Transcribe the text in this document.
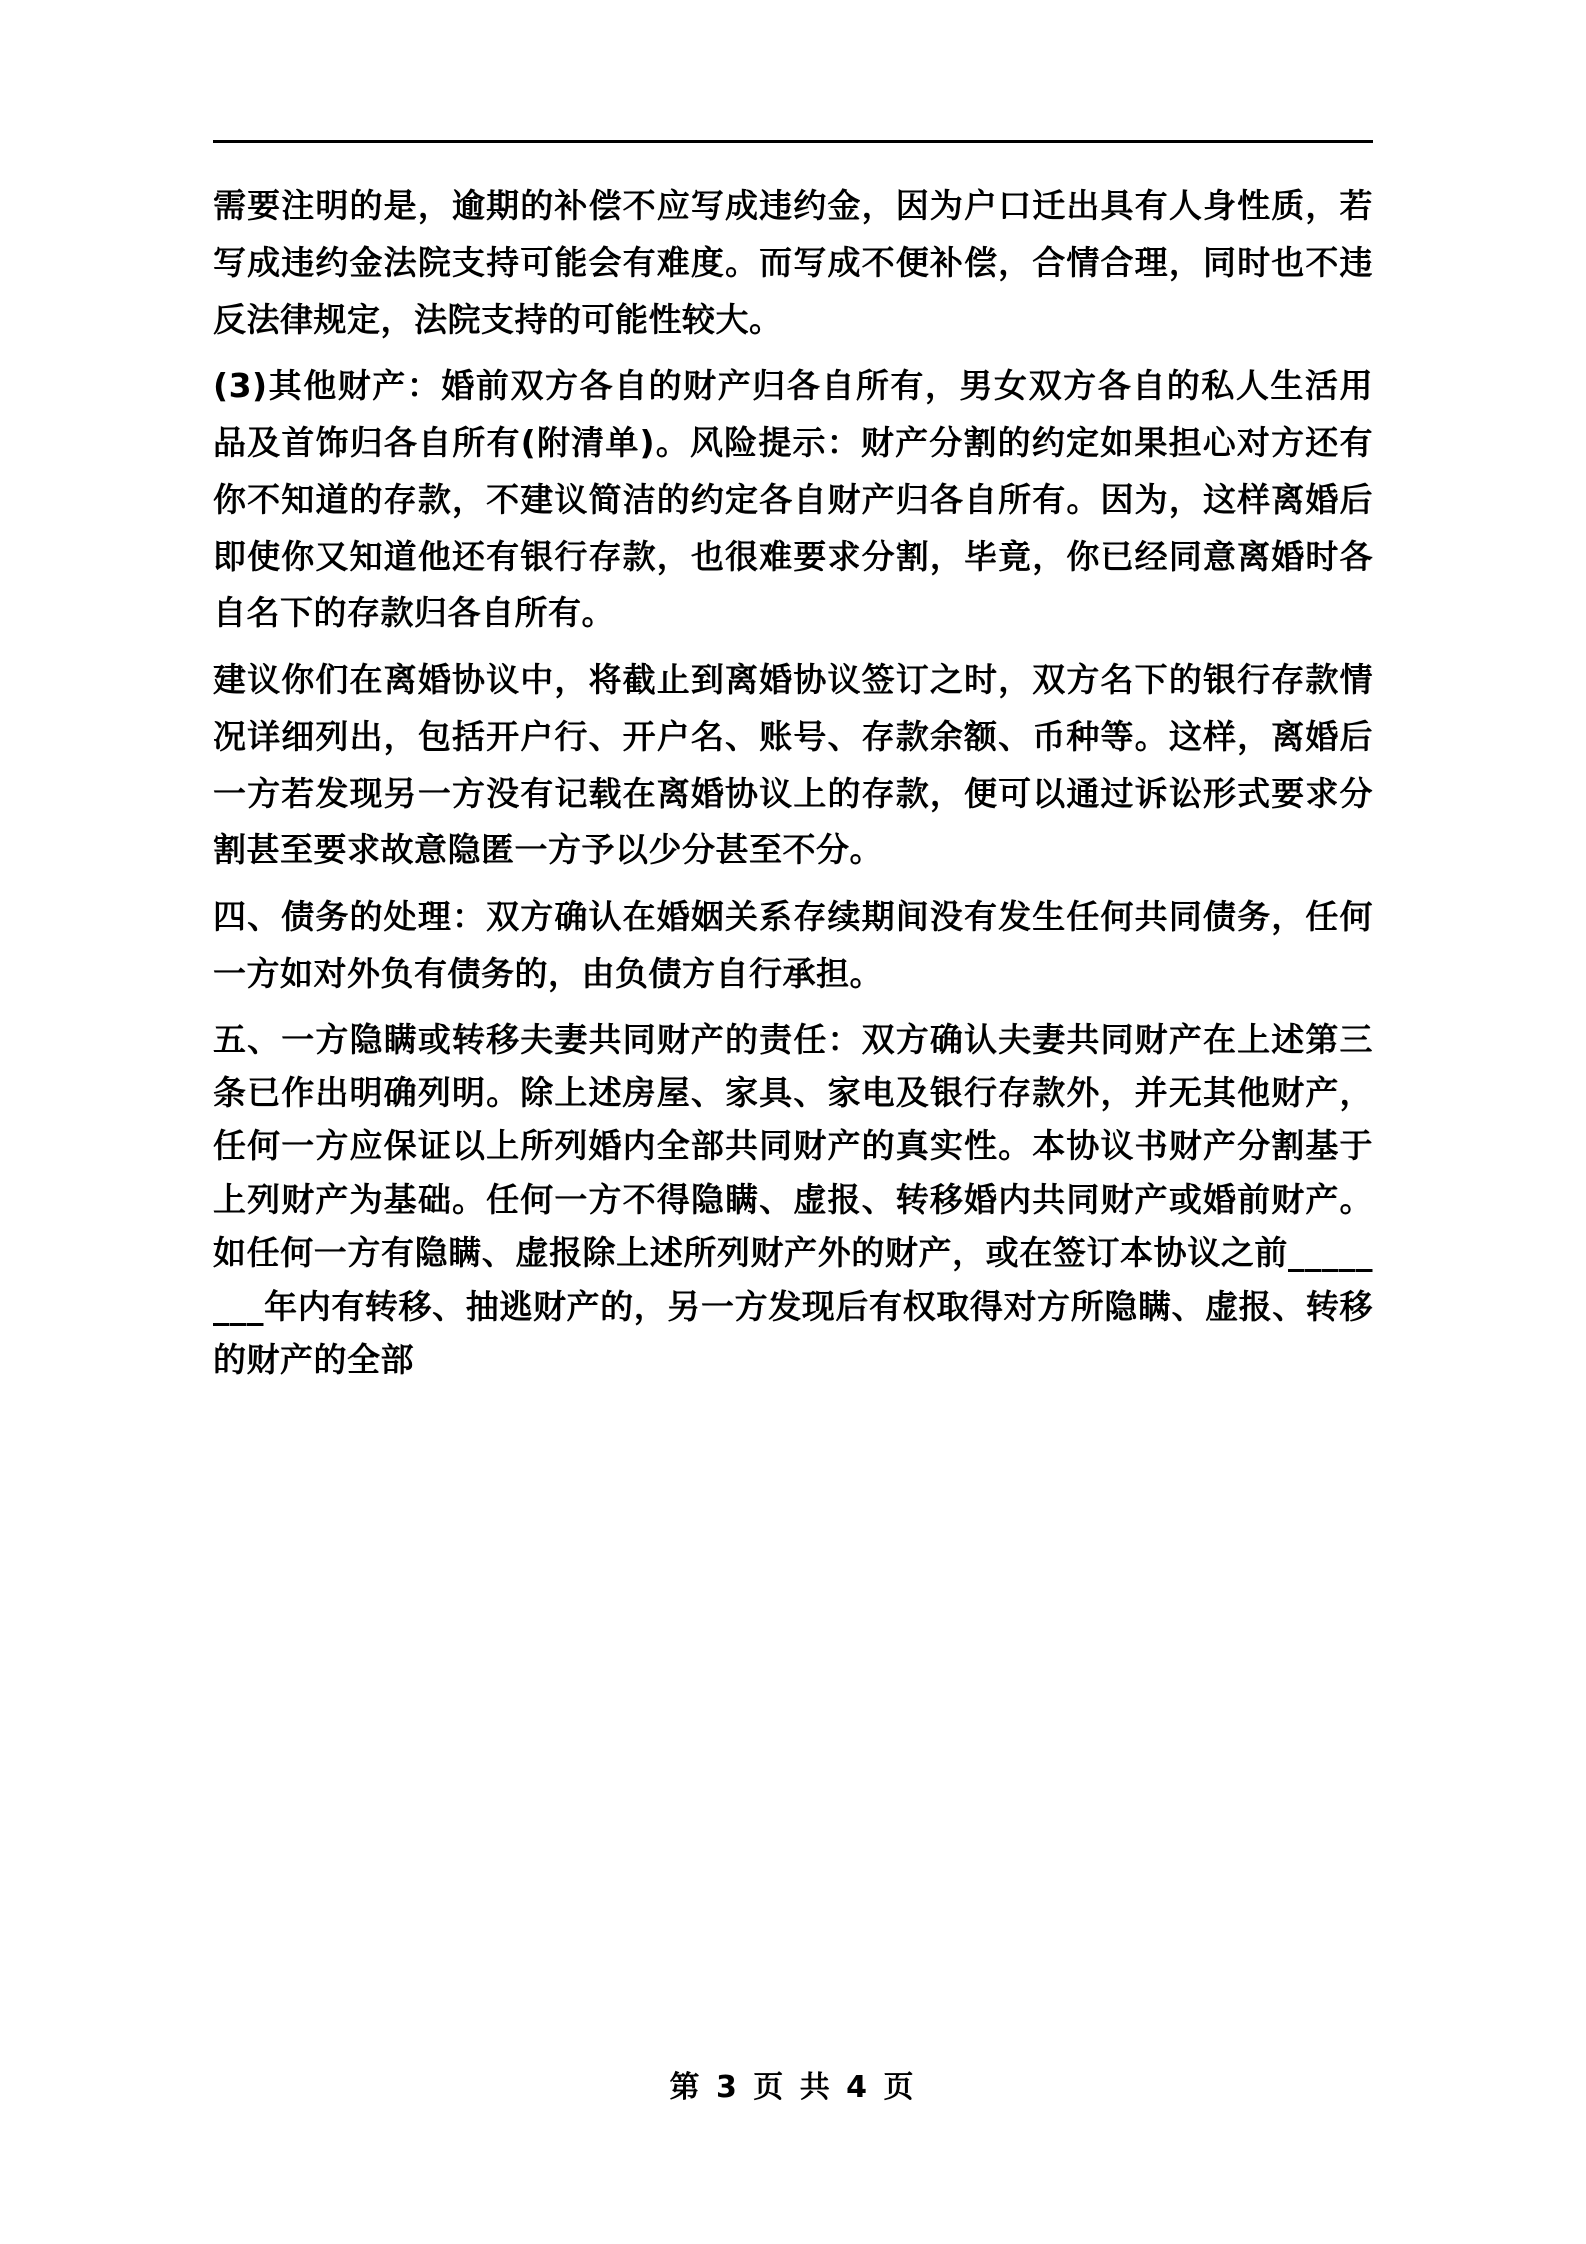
需要注明的是，逾期的补偿不应写成违约金，因为户口迁出具有人身性质，若写成违约金法院支持可能会有难度。而写成不便补偿，合情合理，同时也不违反法律规定，法院支持的可能性较大。

(3)其他财产：婚前双方各自的财产归各自所有，男女双方各自的私人生活用品及首饰归各自所有(附清单)。风险提示：财产分割的约定如果担心对方还有你不知道的存款，不建议简洁的约定各自财产归各自所有。因为，这样离婚后即使你又知道他还有银行存款，也很难要求分割，毕竟，你已经同意离婚时各自名下的存款归各自所有。

建议你们在离婚协议中，将截止到离婚协议签订之时，双方名下的银行存款情况详细列出，包括开户行、开户名、账号、存款余额、币种等。这样，离婚后一方若发现另一方没有记载在离婚协议上的存款，便可以通过诉讼形式要求分割甚至要求故意隐匿一方予以少分甚至不分。

四、债务的处理：双方确认在婚姻关系存续期间没有发生任何共同债务，任何一方如对外负有债务的，由负债方自行承担。

五、一方隐瞒或转移夫妻共同财产的责任：双方确认夫妻共同财产在上述第三条已作出明确列明。除上述房屋、家具、家电及银行存款外，并无其他财产，任何一方应保证以上所列婚内全部共同财产的真实性。本协议书财产分割基于上列财产为基础。任何一方不得隐瞒、虚报、转移婚内共同财产或婚前财产。如任何一方有隐瞒、虚报除上述所列财产外的财产，或在签订本协议之前________年内有转移、抽逃财产的，另一方发现后有权取得对方所隐瞒、虚报、转移的财产的全部

第 3 页 共 4 页
